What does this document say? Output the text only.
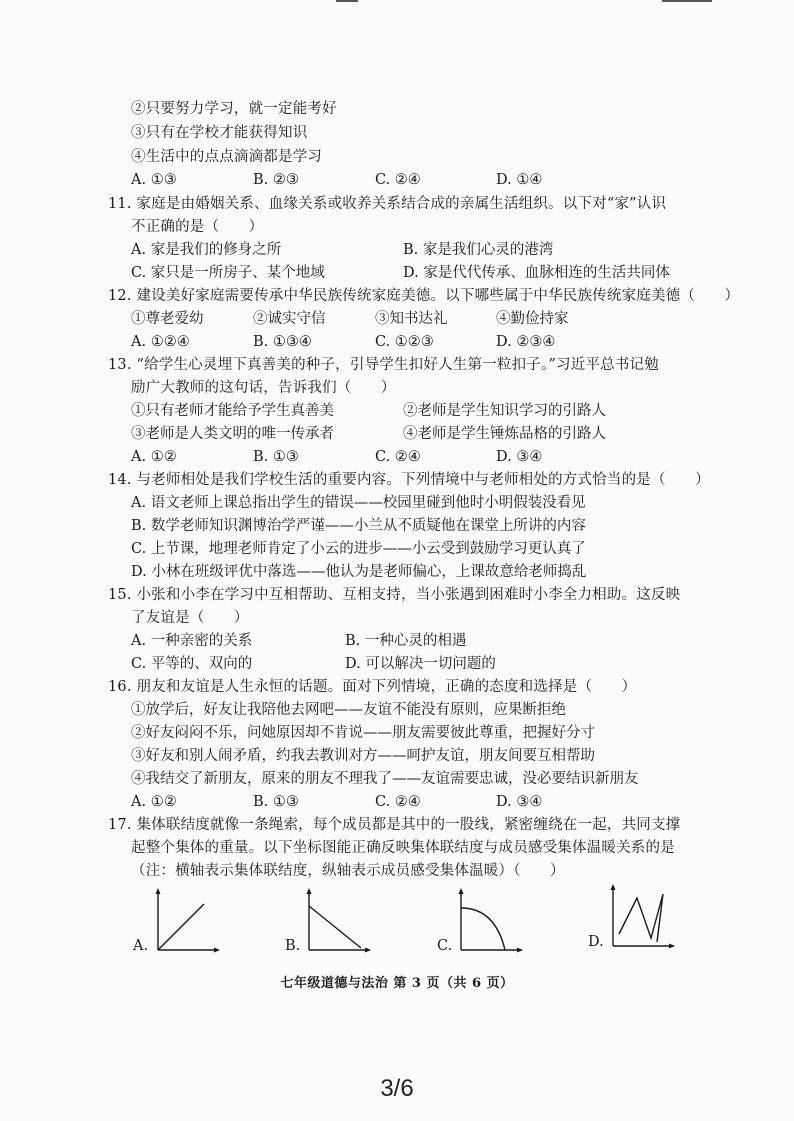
②只要努力学习，就一定能考好
③只有在学校才能获得知识
④生活中的点点滴滴都是学习
A. ①③	B. ②③	C. ②④	D. ①④
11. 家庭是由婚姻关系、血缘关系或收养关系结合成的亲属生活组织。以下对“家”认识
不正确的是（　　）
A. 家是我们的修身之所	B. 家是我们心灵的港湾
C. 家只是一所房子、某个地域	D. 家是代代传承、血脉相连的生活共同体
12. 建设美好家庭需要传承中华民族传统家庭美德。以下哪些属于中华民族传统家庭美德（　　）
①尊老爱幼	②诚实守信	③知书达礼	④勤俭持家
A. ①②④	B. ①③④	C. ①②③	D. ②③④
13. “给学生心灵埋下真善美的种子，引导学生扣好人生第一粒扣子。”习近平总书记勉
励广大教师的这句话，告诉我们（　　）
①只有老师才能给予学生真善美	②老师是学生知识学习的引路人
③老师是人类文明的唯一传承者	④老师是学生锤炼品格的引路人
A. ①②	B. ①③	C. ②④	D. ③④
14. 与老师相处是我们学校生活的重要内容。下列情境中与老师相处的方式恰当的是（　　）
A. 语文老师上课总指出学生的错误——校园里碰到他时小明假装没看见
B. 数学老师知识渊博治学严谨——小兰从不质疑他在课堂上所讲的内容
C. 上节课，地理老师肯定了小云的进步——小云受到鼓励学习更认真了
D. 小林在班级评优中落选——他认为是老师偏心，上课故意给老师捣乱
15. 小张和小李在学习中互相帮助、互相支持，当小张遇到困难时小李全力相助。这反映
了友谊是（　　）
A. 一种亲密的关系	B. 一种心灵的相遇
C. 平等的、双向的	D. 可以解决一切问题的
16. 朋友和友谊是人生永恒的话题。面对下列情境，正确的态度和选择是（　　）
①放学后，好友让我陪他去网吧——友谊不能没有原则，应果断拒绝
②好友闷闷不乐，问她原因却不肯说——朋友需要彼此尊重，把握好分寸
③好友和别人闹矛盾，约我去教训对方——呵护友谊，朋友间要互相帮助
④我结交了新朋友，原来的朋友不理我了——友谊需要忠诚，没必要结识新朋友
A. ①②	B. ①③	C. ②④	D. ③④
17. 集体联结度就像一条绳索，每个成员都是其中的一股线，紧密缠绕在一起，共同支撑
起整个集体的重量。以下坐标图能正确反映集体联结度与成员感受集体温暖关系的是
（注：横轴表示集体联结度，纵轴表示成员感受集体温暖）（　　）
A.	B.	C.	D.
七年级道德与法治 第 3 页（共 6 页）
3/6
